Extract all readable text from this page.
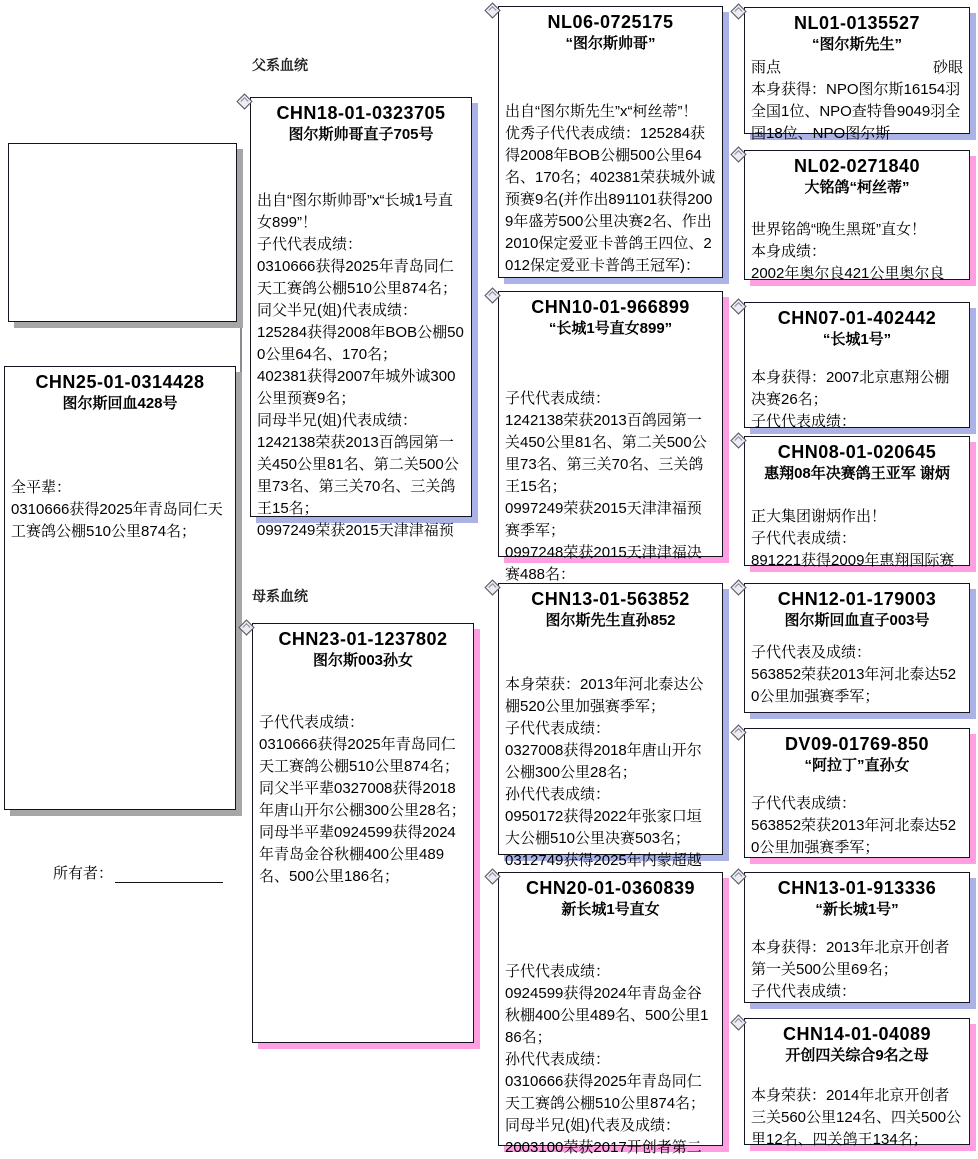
父系血统
母系血统
CHN25-01-0314428
图尔斯回血428号
全平辈：
0310666获得2025年青岛同仁天工赛鸽公棚510公里874名；
CHN18-01-0323705
图尔斯帅哥直子705号
出自“图尔斯帅哥”x“长城1号直女899”！
子代代表成绩：
0310666获得2025年青岛同仁天工赛鸽公棚510公里874名；
同父半兄(姐)代表成绩：
125284获得2008年BOB公棚500公里64名、170名；
402381获得2007年城外诚300公里预赛9名；
同母半兄(姐)代表成绩：
1242138荣获2013百鸽园第一关450公里81名、第二关500公里73名、第三关70名、三关鸽王15名；
0997249荣获2015天津津福预
CHN23-01-1237802
图尔斯003孙女
子代代表成绩：
0310666获得2025年青岛同仁天工赛鸽公棚510公里874名；
同父半平辈0327008获得2018年唐山开尔公棚300公里28名；
同母半平辈0924599获得2024年青岛金谷秋棚400公里489名、500公里186名；
NL06-0725175
“图尔斯帅哥”
出自“图尔斯先生”x“柯丝蒂”！
优秀子代代表成绩：125284获得2008年BOB公棚500公里64名、170名；402381荣获城外诚预赛9名(并作出891101获得2009年盛芳500公里决赛2名、作出2010保定爱亚卡普鸽王四位、2012保定爱亚卡普鸽王冠军)：
CHN10-01-966899
“长城1号直女899”
子代代表成绩：
1242138荣获2013百鸽园第一关450公里81名、第二关500公里73名、第三关70名、三关鸽王15名；
0997249荣获2015天津津福预赛季军；
0997248荣获2015天津津福决赛488名：
CHN13-01-563852
图尔斯先生直孙852
本身荣获：2013年河北泰达公棚520公里加强赛季军；
子代代表成绩：
0327008获得2018年唐山开尔公棚300公里28名；
孙代代表成绩：
0950172获得2022年张家口垣大公棚510公里决赛503名；
0312749获得2025年内蒙超越
CHN20-01-0360839
新长城1号直女
子代代表成绩：
0924599获得2024年青岛金谷秋棚400公里489名、500公里186名；
孙代代表成绩：
0310666获得2025年青岛同仁天工赛鸽公棚510公里874名；
同母半兄(姐)代表及成绩：
2003100荣获2017开创者第二
NL01-0135527
“图尔斯先生”
雨点	砂眼
本身获得：NPO图尔斯16154羽全国1位、NPO查特鲁9049羽全国18位、NPO图尔斯
NL02-0271840
大铭鸽“柯丝蒂”
世界铭鸽“晚生黑斑”直女！
本身成绩：
2002年奥尔良421公里奥尔良
CHN07-01-402442
“长城1号”
本身获得：2007北京惠翔公棚决赛26名；
子代代表成绩：
CHN08-01-020645
惠翔08年决赛鸽王亚军 谢炳
正大集团谢炳作出！
子代代表成绩：
891221获得2009年惠翔国际赛
CHN12-01-179003
图尔斯回血直子003号
子代代表及成绩：
563852荣获2013年河北泰达520公里加强赛季军；
DV09-01769-850
“阿拉丁”直孙女
子代代表成绩：
563852荣获2013年河北泰达520公里加强赛季军；
CHN13-01-913336
“新长城1号”
本身获得：2013年北京开创者第一关500公里69名；
子代代表成绩：
CHN14-01-04089
开创四关综合9名之母
本身荣获：2014年北京开创者三关560公里124名、四关500公里12名、四关鸽王134名；
所有者：
